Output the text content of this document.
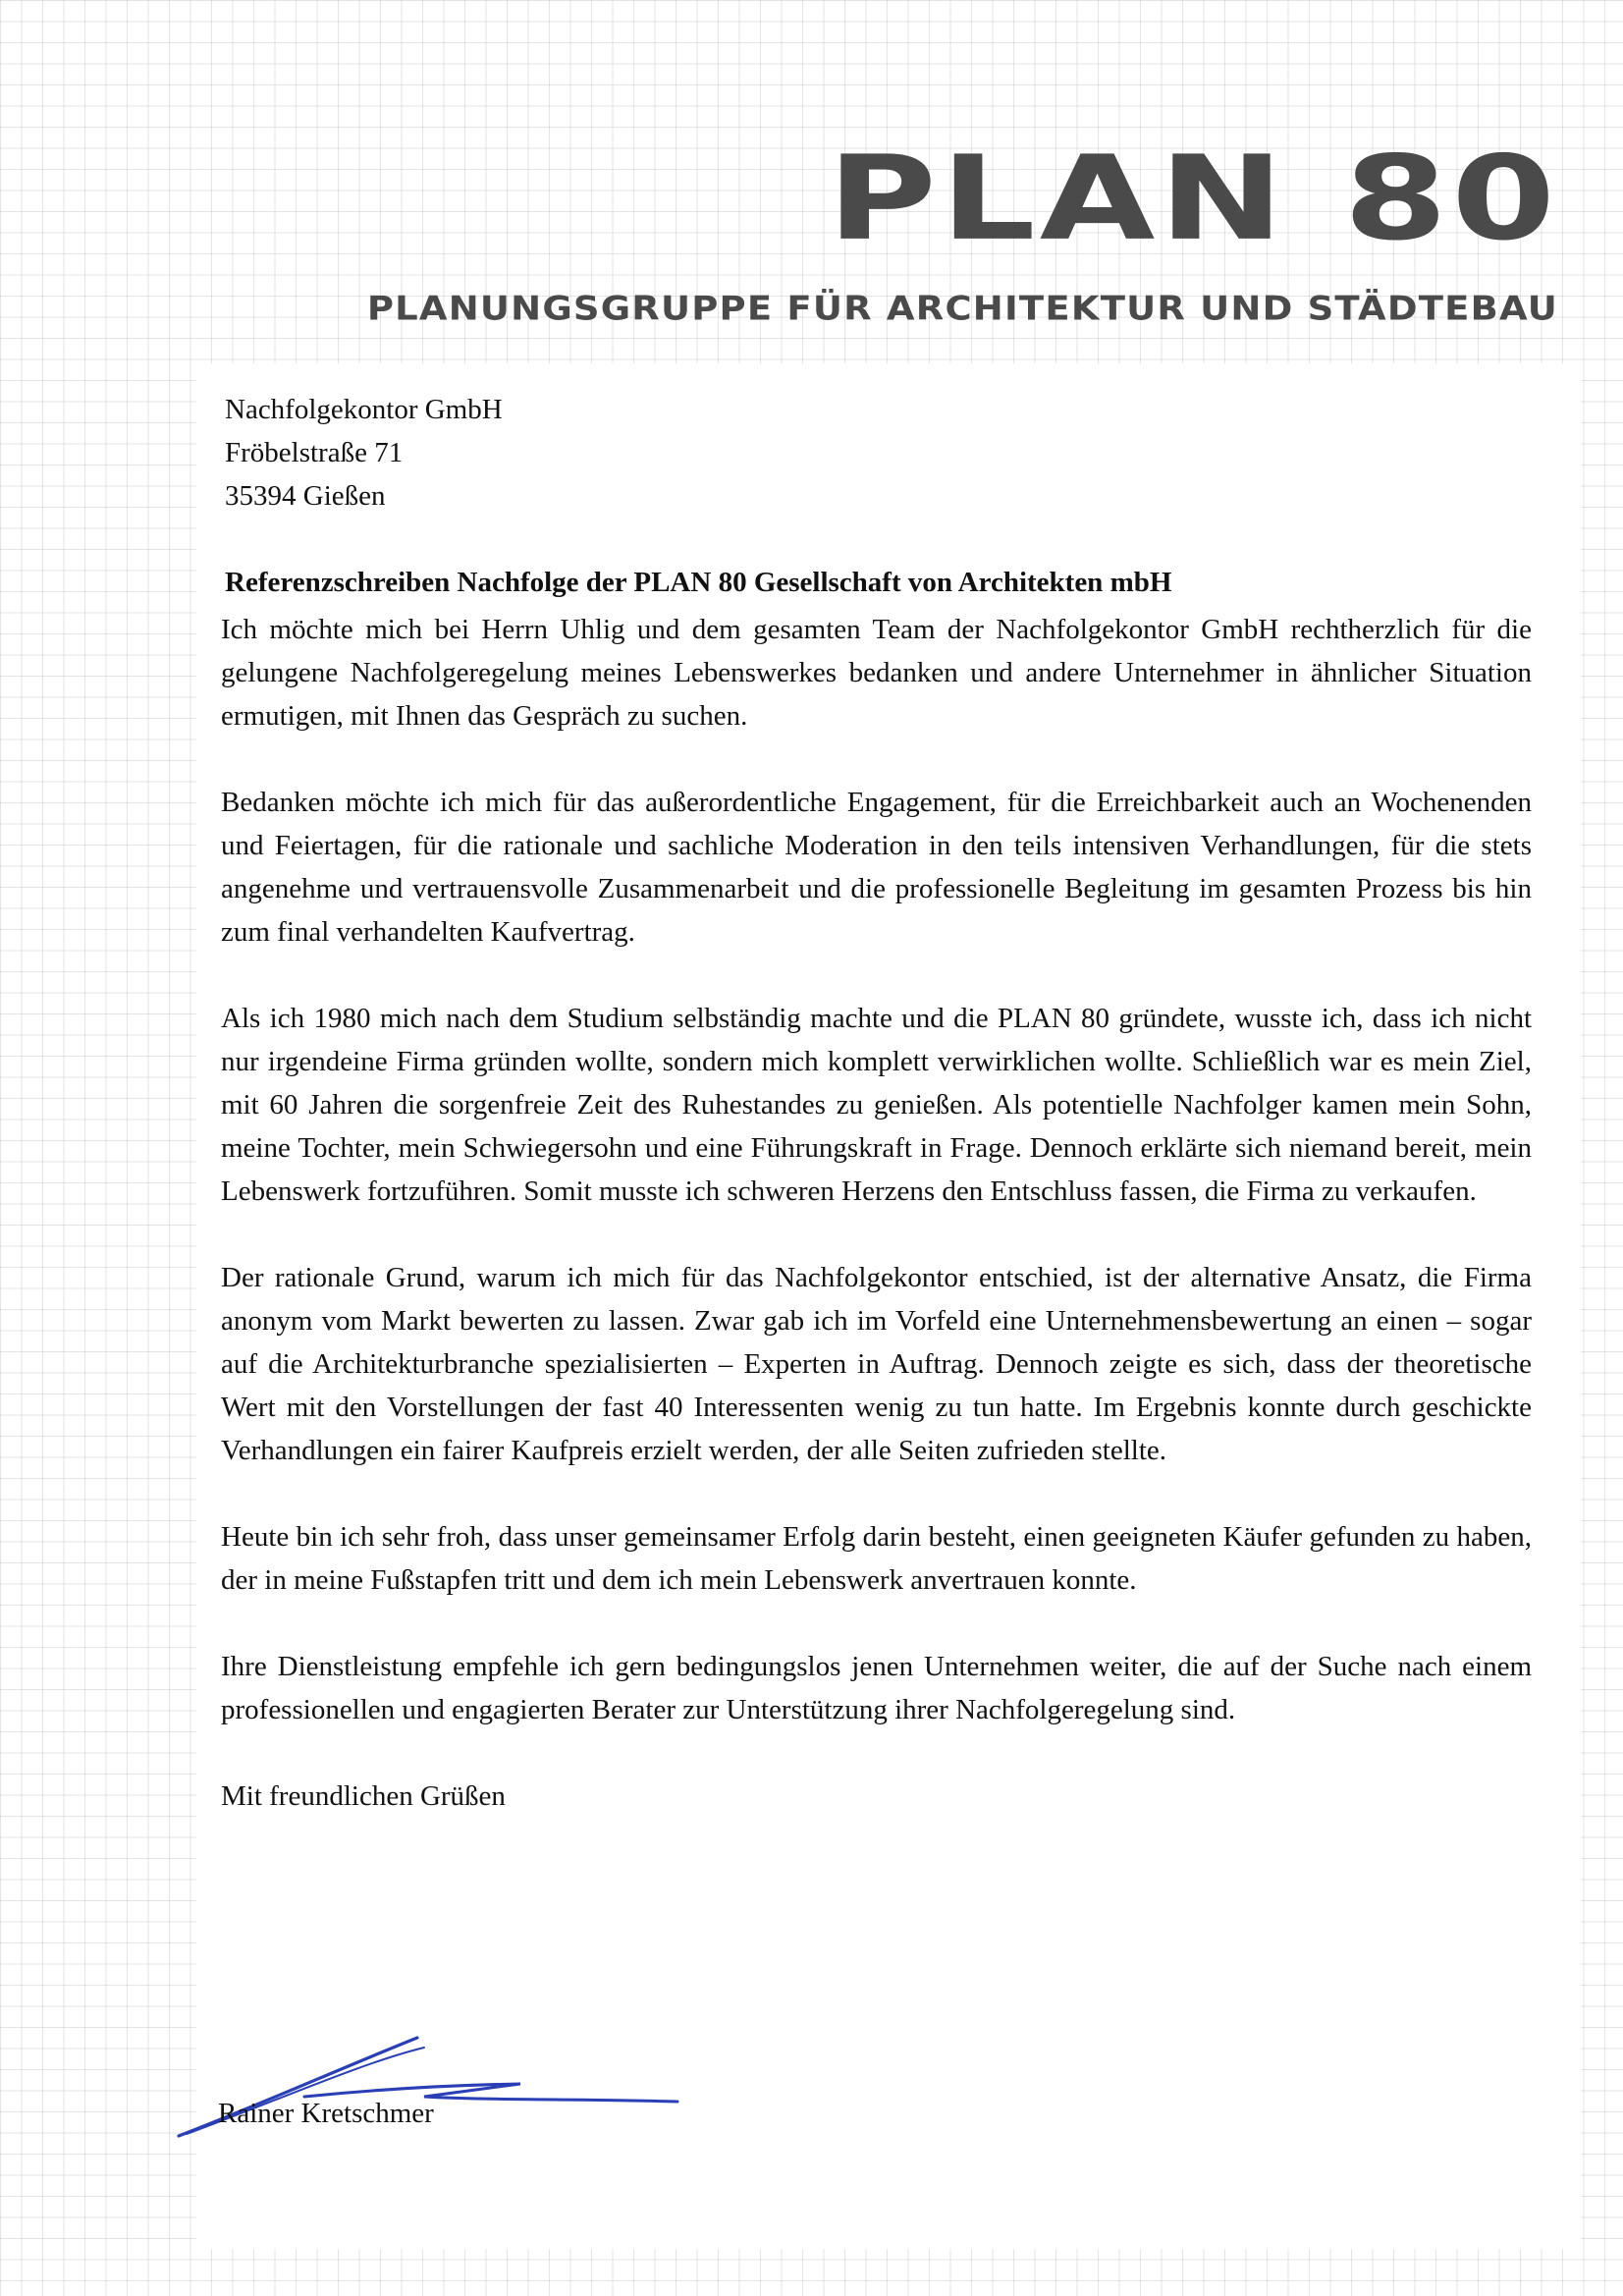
PLAN 80
PLANUNGSGRUPPE FÜR ARCHITEKTUR UND STÄDTEBAU
Nachfolgekontor GmbH
Fröbelstraße 71
35394 Gießen
Referenzschreiben Nachfolge der PLAN 80 Gesellschaft von Architekten mbH

Ich möchte mich bei Herrn Uhlig und dem gesamten Team der Nachfolgekontor GmbH rechtherzlich für die gelungene Nachfolgeregelung meines Lebenswerkes bedanken und andere Unternehmer in ähnlicher Situation ermutigen, mit Ihnen das Gespräch zu suchen.

Bedanken möchte ich mich für das außerordentliche Engagement, für die Erreichbarkeit auch an Wochenenden und Feiertagen, für die rationale und sachliche Moderation in den teils intensiven Verhandlungen, für die stets angenehme und vertrauensvolle Zusammenarbeit und die professionelle Begleitung im gesamten Prozess bis hin zum final verhandelten Kaufvertrag.

Als ich 1980 mich nach dem Studium selbständig machte und die PLAN 80 gründete, wusste ich, dass ich nicht nur irgendeine Firma gründen wollte, sondern mich komplett verwirklichen wollte. Schließlich war es mein Ziel, mit 60 Jahren die sorgenfreie Zeit des Ruhestandes zu genießen. Als potentielle Nachfolger kamen mein Sohn, meine Tochter, mein Schwiegersohn und eine Führungskraft in Frage. Dennoch erklärte sich niemand bereit, mein Lebenswerk fortzuführen. Somit musste ich schweren Herzens den Entschluss fassen, die Firma zu verkaufen.

Der rationale Grund, warum ich mich für das Nachfolgekontor entschied, ist der alternative Ansatz, die Firma anonym vom Markt bewerten zu lassen. Zwar gab ich im Vorfeld eine Unternehmensbewertung an einen – sogar auf die Architekturbranche spezialisierten – Experten in Auftrag. Dennoch zeigte es sich, dass der theoretische Wert mit den Vorstellungen der fast 40 Interessenten wenig zu tun hatte. Im Ergebnis konnte durch geschickte Verhandlungen ein fairer Kaufpreis erzielt werden, der alle Seiten zufrieden stellte.

Heute bin ich sehr froh, dass unser gemeinsamer Erfolg darin besteht, einen geeigneten Käufer gefunden zu haben, der in meine Fußstapfen tritt und dem ich mein Lebenswerk anvertrauen konnte.

Ihre Dienstleistung empfehle ich gern bedingungslos jenen Unternehmen weiter, die auf der Suche nach einem professionellen und engagierten Berater zur Unterstützung ihrer Nachfolgeregelung sind.

Mit freundlichen Grüßen
Rainer Kretschmer
